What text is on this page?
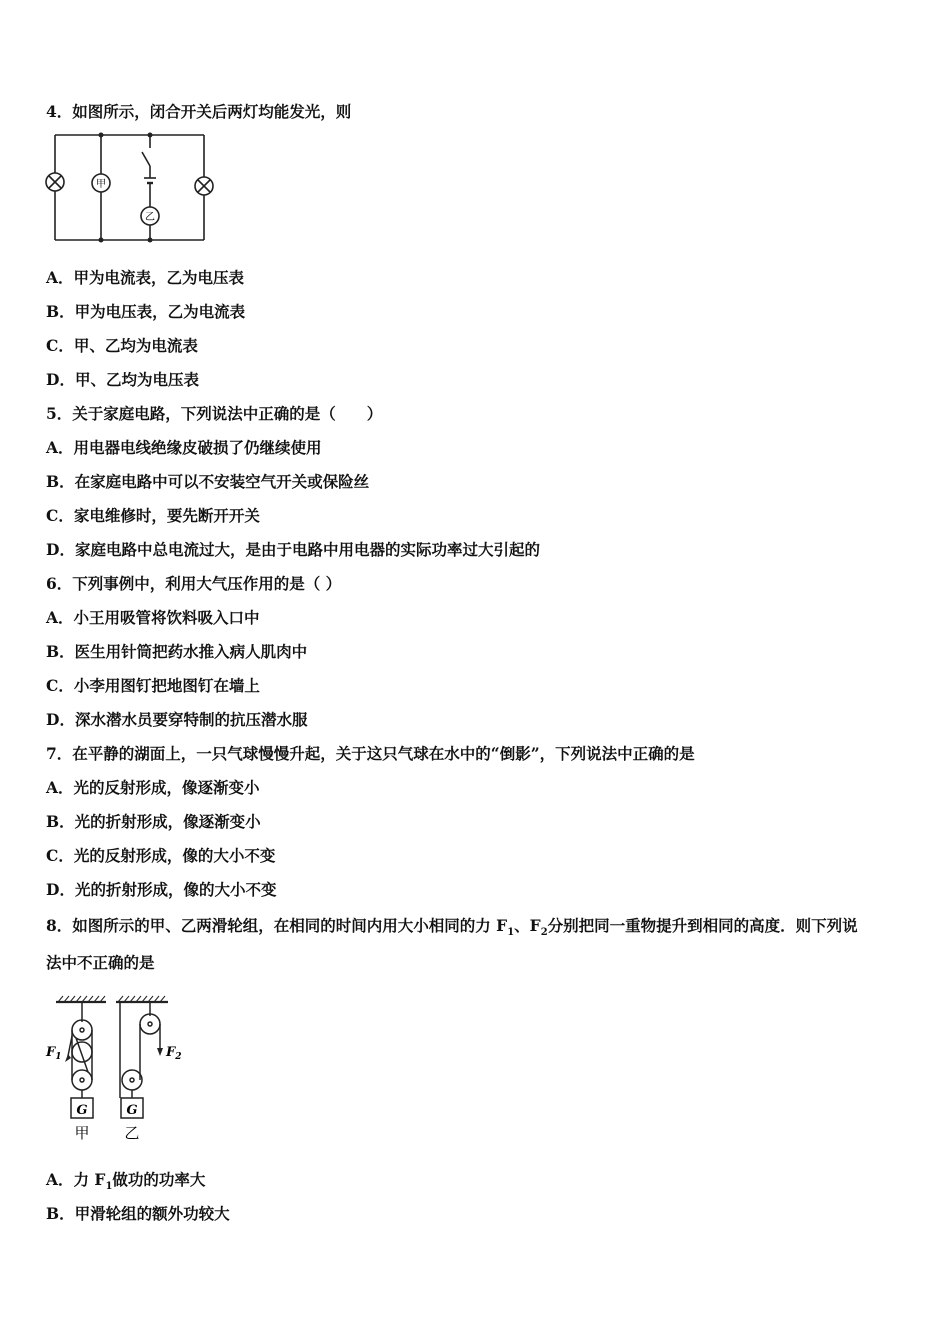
4．如图所示，闭合开关后两灯均能发光，则
甲
乙
A．甲为电流表，乙为电压表
B．甲为电压表，乙为电流表
C．甲、乙均为电流表
D．甲、乙均为电压表
5．关于家庭电路，下列说法中正确的是（　　）
A．用电器电线绝缘皮破损了仍继续使用
B．在家庭电路中可以不安装空气开关或保险丝
C．家电维修时，要先断开开关
D．家庭电路中总电流过大，是由于电路中用电器的实际功率过大引起的
6．下列事例中，利用大气压作用的是（ ）
A．小王用吸管将饮料吸入口中
B．医生用针筒把药水推入病人肌肉中
C．小李用图钉把地图钉在墙上
D．深水潜水员要穿特制的抗压潜水服
7．在平静的湖面上，一只气球慢慢升起，关于这只气球在水中的“倒影”，下列说法中正确的是
A．光的反射形成，像逐渐变小
B．光的折射形成，像逐渐变小
C．光的反射形成，像的大小不变
D．光的折射形成，像的大小不变
8．如图所示的甲、乙两滑轮组，在相同的时间内用大小相同的力 $F_1$、$F_2$分别把同一重物提升到相同的高度．则下列说
法中不正确的是
$F_1$	$F_2$
G	G
甲 乙
A．力 $F_1$做功的功率大
B．甲滑轮组的额外功较大
